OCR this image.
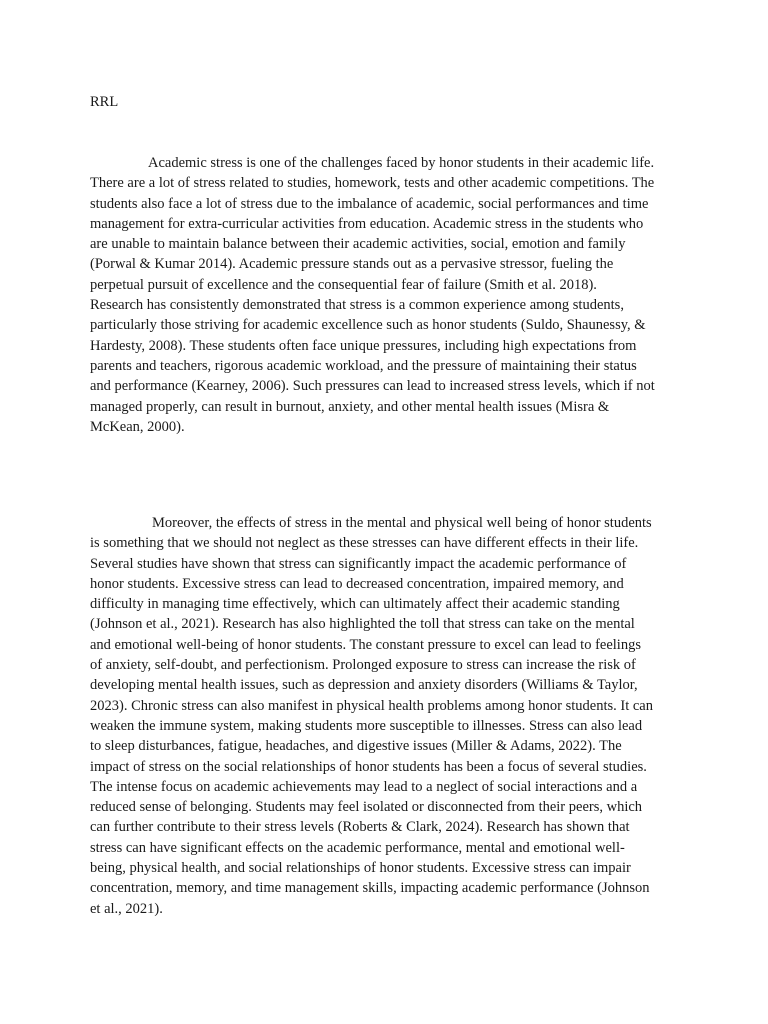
RRL

Academic stress is one of the challenges faced by honor students in their academic life.
There are a lot of stress related to studies, homework, tests and other academic competitions. The
students also face a lot of stress due to the imbalance of academic, social performances and time
management for extra-curricular activities from education. Academic stress in the students who
are unable to maintain balance between their academic activities, social, emotion and family
(Porwal & Kumar 2014). Academic pressure stands out as a pervasive stressor, fueling the
perpetual pursuit of excellence and the consequential fear of failure (Smith et al. 2018).
Research has consistently demonstrated that stress is a common experience among students,
particularly those striving for academic excellence such as honor students (Suldo, Shaunessy, &
Hardesty, 2008). These students often face unique pressures, including high expectations from
parents and teachers, rigorous academic workload, and the pressure of maintaining their status
and performance (Kearney, 2006). Such pressures can lead to increased stress levels, which if not
managed properly, can result in burnout, anxiety, and other mental health issues (Misra &
McKean, 2000).

Moreover, the effects of stress in the mental and physical well being of honor students
is something that we should not neglect as these stresses can have different effects in their life.
Several studies have shown that stress can significantly impact the academic performance of
honor students. Excessive stress can lead to decreased concentration, impaired memory, and
difficulty in managing time effectively, which can ultimately affect their academic standing
(Johnson et al., 2021). Research has also highlighted the toll that stress can take on the mental
and emotional well-being of honor students. The constant pressure to excel can lead to feelings
of anxiety, self-doubt, and perfectionism. Prolonged exposure to stress can increase the risk of
developing mental health issues, such as depression and anxiety disorders (Williams & Taylor,
2023). Chronic stress can also manifest in physical health problems among honor students. It can
weaken the immune system, making students more susceptible to illnesses. Stress can also lead
to sleep disturbances, fatigue, headaches, and digestive issues (Miller & Adams, 2022). The
impact of stress on the social relationships of honor students has been a focus of several studies.
The intense focus on academic achievements may lead to a neglect of social interactions and a
reduced sense of belonging. Students may feel isolated or disconnected from their peers, which
can further contribute to their stress levels (Roberts & Clark, 2024). Research has shown that
stress can have significant effects on the academic performance, mental and emotional well-
being, physical health, and social relationships of honor students. Excessive stress can impair
concentration, memory, and time management skills, impacting academic performance (Johnson
et al., 2021).
